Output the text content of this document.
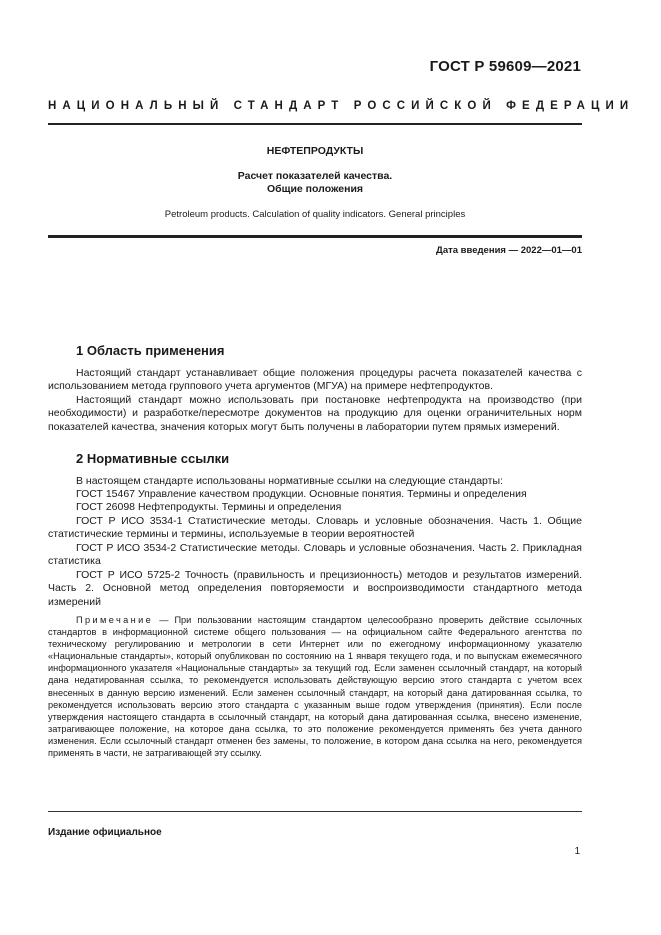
ГОСТ Р 59609—2021
НАЦИОНАЛЬНЫЙ СТАНДАРТ РОССИЙСКОЙ ФЕДЕРАЦИИ
НЕФТЕПРОДУКТЫ
Расчет показателей качества.
Общие положения
Petroleum products. Calculation of quality indicators. General principles
Дата введения — 2022—01—01
1 Область применения

Настоящий стандарт устанавливает общие положения процедуры расчета показателей качества с использованием метода группового учета аргументов (МГУА) на примере нефтепродуктов.

Настоящий стандарт можно использовать при постановке нефтепродукта на производство (при необходимости) и разработке/пересмотре документов на продукцию для оценки ограничительных норм показателей качества, значения которых могут быть получены в лаборатории путем прямых измерений.

2 Нормативные ссылки

В настоящем стандарте использованы нормативные ссылки на следующие стандарты:

ГОСТ 15467 Управление качеством продукции. Основные понятия. Термины и определения

ГОСТ 26098 Нефтепродукты. Термины и определения

ГОСТ Р ИСО 3534-1 Статистические методы. Словарь и условные обозначения. Часть 1. Общие статистические термины и термины, используемые в теории вероятностей

ГОСТ Р ИСО 3534-2 Статистические методы. Словарь и условные обозначения. Часть 2. Прикладная статистика

ГОСТ Р ИСО 5725-2 Точность (правильность и прецизионность) методов и результатов измерений. Часть 2. Основной метод определения повторяемости и воспроизводимости стандартного метода измерений

Примечание — При пользовании настоящим стандартом целесообразно проверить действие ссылочных стандартов в информационной системе общего пользования — на официальном сайте Федерального агентства по техническому регулированию и метрологии в сети Интернет или по ежегодному информационному указателю «Национальные стандарты», который опубликован по состоянию на 1 января текущего года, и по выпускам ежемесячного информационного указателя «Национальные стандарты» за текущий год. Если заменен ссылочный стандарт, на который дана недатированная ссылка, то рекомендуется использовать действующую версию этого стандарта с учетом всех внесенных в данную версию изменений. Если заменен ссылочный стандарт, на который дана датированная ссылка, то рекомендуется использовать версию этого стандарта с указанным выше годом утверждения (принятия). Если после утверждения настоящего стандарта в ссылочный стандарт, на который дана датированная ссылка, внесено изменение, затрагивающее положение, на которое дана ссылка, то это положение рекомендуется применять без учета данного изменения. Если ссылочный стандарт отменен без замены, то положение, в котором дана ссылка на него, рекомендуется применять в части, не затрагивающей эту ссылку.

Издание официальное
1
